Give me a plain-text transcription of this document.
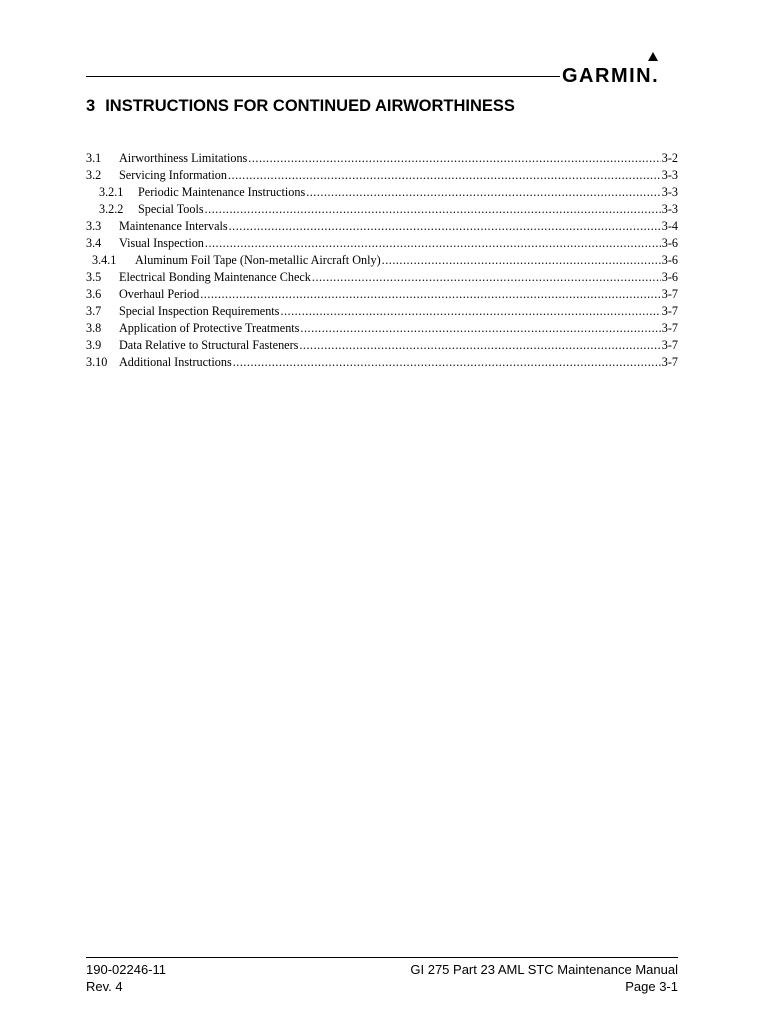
GARMIN.
3 INSTRUCTIONS FOR CONTINUED AIRWORTHINESS
3.1	Airworthiness Limitations .....	3-2
3.2	Servicing Information .....	3-3
3.2.1	Periodic Maintenance Instructions .....	3-3
3.2.2	Special Tools .....	3-3
3.3	Maintenance Intervals .....	3-4
3.4	Visual Inspection .....	3-6
3.4.1	Aluminum Foil Tape (Non-metallic Aircraft Only) .....	3-6
3.5	Electrical Bonding Maintenance Check .....	3-6
3.6	Overhaul Period .....	3-7
3.7	Special Inspection Requirements .....	3-7
3.8	Application of Protective Treatments .....	3-7
3.9	Data Relative to Structural Fasteners .....	3-7
3.10 Additional Instructions .....	3-7
190-02246-11	GI 275 Part 23 AML STC Maintenance Manual
Rev. 4	Page 3-1
